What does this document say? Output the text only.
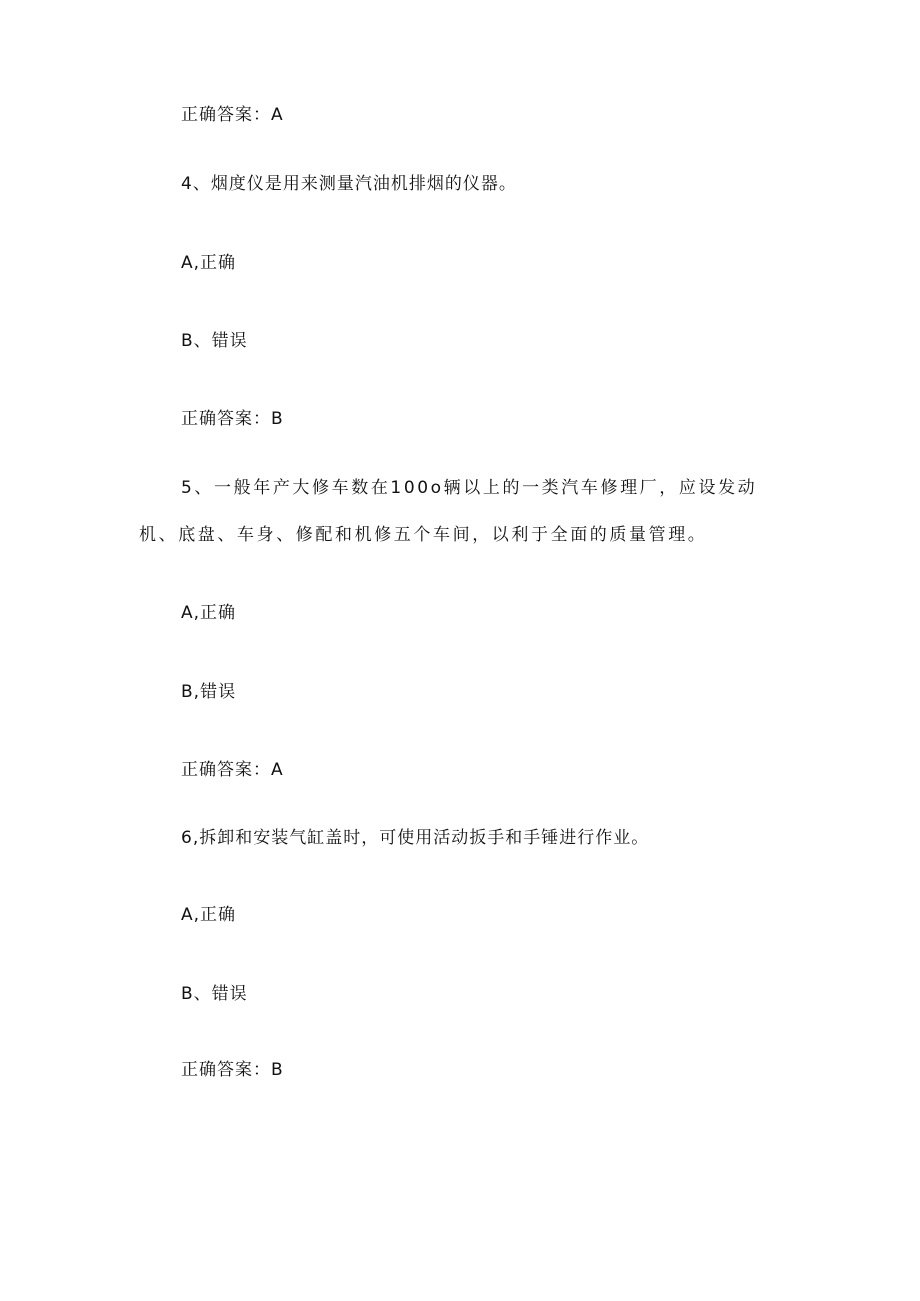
正确答案：A
4、烟度仪是用来测量汽油机排烟的仪器。
A,正确
B、错误
正确答案：B
5、一般年产大修车数在100o辆以上的一类汽车修理厂，应设发动
机、底盘、车身、修配和机修五个车间，以利于全面的质量管理。
A,正确
B,错误
正确答案：A
6,拆卸和安装气缸盖时，可使用活动扳手和手锤进行作业。
A,正确
B、错误
正确答案：B
